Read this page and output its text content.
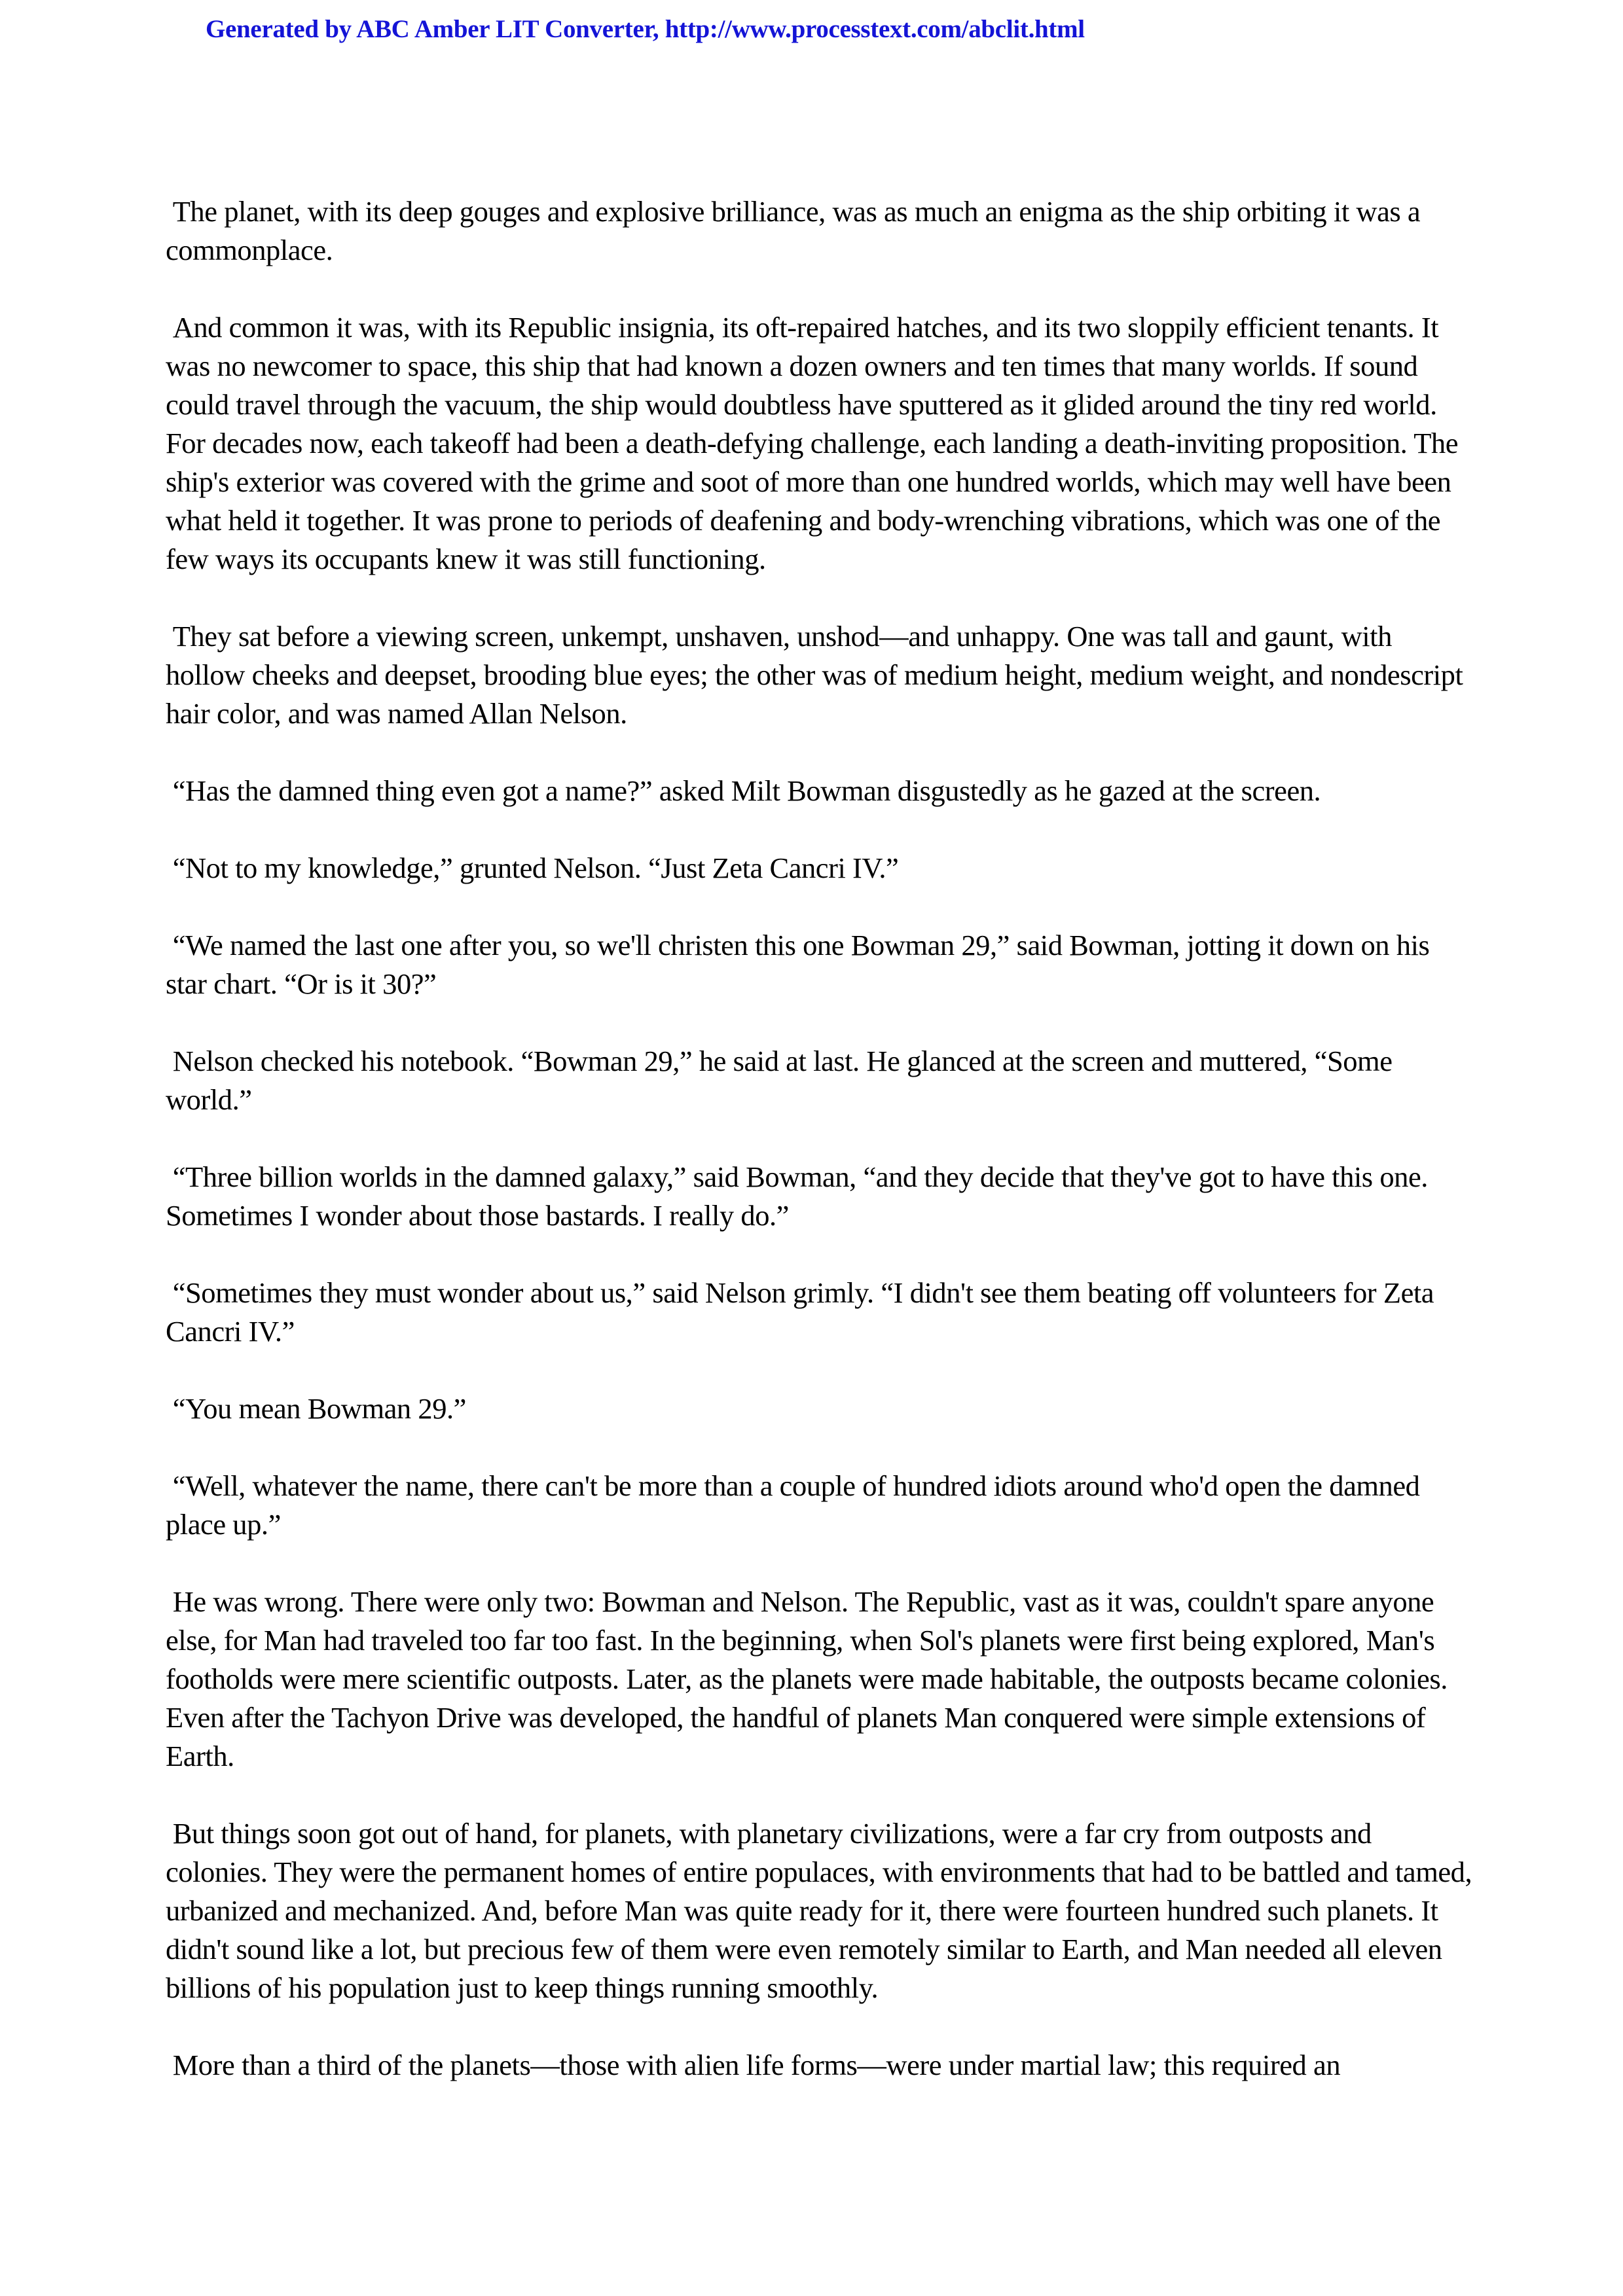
Generated by ABC Amber LIT Converter, http://www.processtext.com/abclit.html

The planet, with its deep gouges and explosive brilliance, was as much an enigma as the ship orbiting it was a commonplace.

And common it was, with its Republic insignia, its oft-repaired hatches, and its two sloppily efficient tenants. It was no newcomer to space, this ship that had known a dozen owners and ten times that many worlds. If sound could travel through the vacuum, the ship would doubtless have sputtered as it glided around the tiny red world. For decades now, each takeoff had been a death-defying challenge, each landing a death-inviting proposition. The ship's exterior was covered with the grime and soot of more than one hundred worlds, which may well have been what held it together. It was prone to periods of deafening and body-wrenching vibrations, which was one of the few ways its occupants knew it was still functioning.

They sat before a viewing screen, unkempt, unshaven, unshod—and unhappy. One was tall and gaunt, with hollow cheeks and deepset, brooding blue eyes; the other was of medium height, medium weight, and nondescript hair color, and was named Allan Nelson.

“Has the damned thing even got a name?” asked Milt Bowman disgustedly as he gazed at the screen.

“Not to my knowledge,” grunted Nelson. “Just Zeta Cancri IV.”

“We named the last one after you, so we'll christen this one Bowman 29,” said Bowman, jotting it down on his star chart. “Or is it 30?”

Nelson checked his notebook. “Bowman 29,” he said at last. He glanced at the screen and muttered, “Some world.”

“Three billion worlds in the damned galaxy,” said Bowman, “and they decide that they've got to have this one. Sometimes I wonder about those bastards. I really do.”

“Sometimes they must wonder about us,” said Nelson grimly. “I didn't see them beating off volunteers for Zeta Cancri IV.”

“You mean Bowman 29.”

“Well, whatever the name, there can't be more than a couple of hundred idiots around who'd open the damned place up.”

He was wrong. There were only two: Bowman and Nelson. The Republic, vast as it was, couldn't spare anyone else, for Man had traveled too far too fast. In the beginning, when Sol's planets were first being explored, Man's footholds were mere scientific outposts. Later, as the planets were made habitable, the outposts became colonies. Even after the Tachyon Drive was developed, the handful of planets Man conquered were simple extensions of Earth.

But things soon got out of hand, for planets, with planetary civilizations, were a far cry from outposts and colonies. They were the permanent homes of entire populaces, with environments that had to be battled and tamed, urbanized and mechanized. And, before Man was quite ready for it, there were fourteen hundred such planets. It didn't sound like a lot, but precious few of them were even remotely similar to Earth, and Man needed all eleven billions of his population just to keep things running smoothly.

More than a third of the planets—those with alien life forms—were under martial law; this required an
